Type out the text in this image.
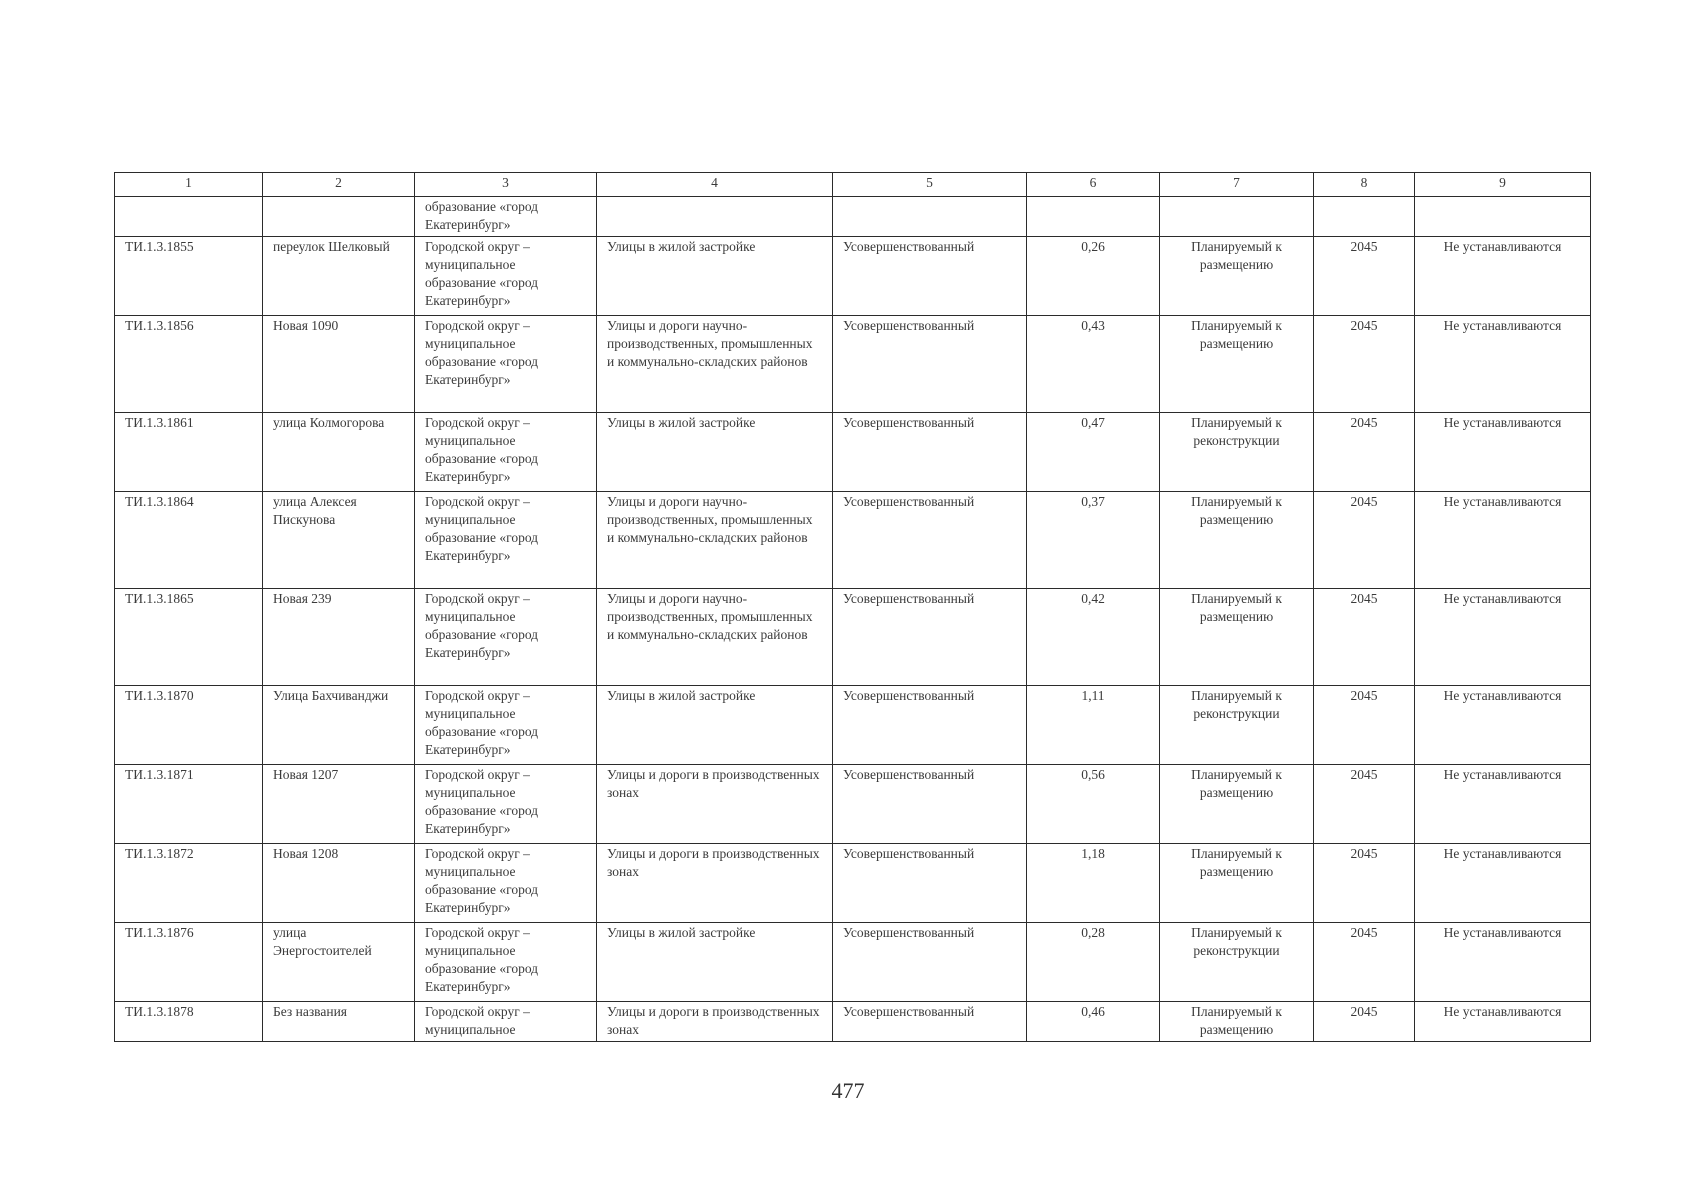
1	2	3	4	5	6	7	8	9
		образование «город Екатеринбург»						
ТИ.1.3.1855	переулок Шелковый	Городской округ – муниципальное образование «город Екатеринбург»	Улицы в жилой застройке	Усовершенствованный	0,26	Планируемый к размещению	2045	Не устанавливаются
ТИ.1.3.1856	Новая 1090	Городской округ – муниципальное образование «город Екатеринбург»	Улицы и дороги научно-производственных, промышленных и коммунально-складских районов	Усовершенствованный	0,43	Планируемый к размещению	2045	Не устанавливаются
ТИ.1.3.1861	улица Колмогорова	Городской округ – муниципальное образование «город Екатеринбург»	Улицы в жилой застройке	Усовершенствованный	0,47	Планируемый к реконструкции	2045	Не устанавливаются
ТИ.1.3.1864	улица Алексея Пискунова	Городской округ – муниципальное образование «город Екатеринбург»	Улицы и дороги научно-производственных, промышленных и коммунально-складских районов	Усовершенствованный	0,37	Планируемый к размещению	2045	Не устанавливаются
ТИ.1.3.1865	Новая 239	Городской округ – муниципальное образование «город Екатеринбург»	Улицы и дороги научно-производственных, промышленных и коммунально-складских районов	Усовершенствованный	0,42	Планируемый к размещению	2045	Не устанавливаются
ТИ.1.3.1870	Улица Бахчиванджи	Городской округ – муниципальное образование «город Екатеринбург»	Улицы в жилой застройке	Усовершенствованный	1,11	Планируемый к реконструкции	2045	Не устанавливаются
ТИ.1.3.1871	Новая 1207	Городской округ – муниципальное образование «город Екатеринбург»	Улицы и дороги в производственных зонах	Усовершенствованный	0,56	Планируемый к размещению	2045	Не устанавливаются
ТИ.1.3.1872	Новая 1208	Городской округ – муниципальное образование «город Екатеринбург»	Улицы и дороги в производственных зонах	Усовершенствованный	1,18	Планируемый к размещению	2045	Не устанавливаются
ТИ.1.3.1876	улица Энергостоителей	Городской округ – муниципальное образование «город Екатеринбург»	Улицы в жилой застройке	Усовершенствованный	0,28	Планируемый к реконструкции	2045	Не устанавливаются
ТИ.1.3.1878	Без названия	Городской округ – муниципальное	Улицы и дороги в производственных зонах	Усовершенствованный	0,46	Планируемый к размещению	2045	Не устанавливаются
477
